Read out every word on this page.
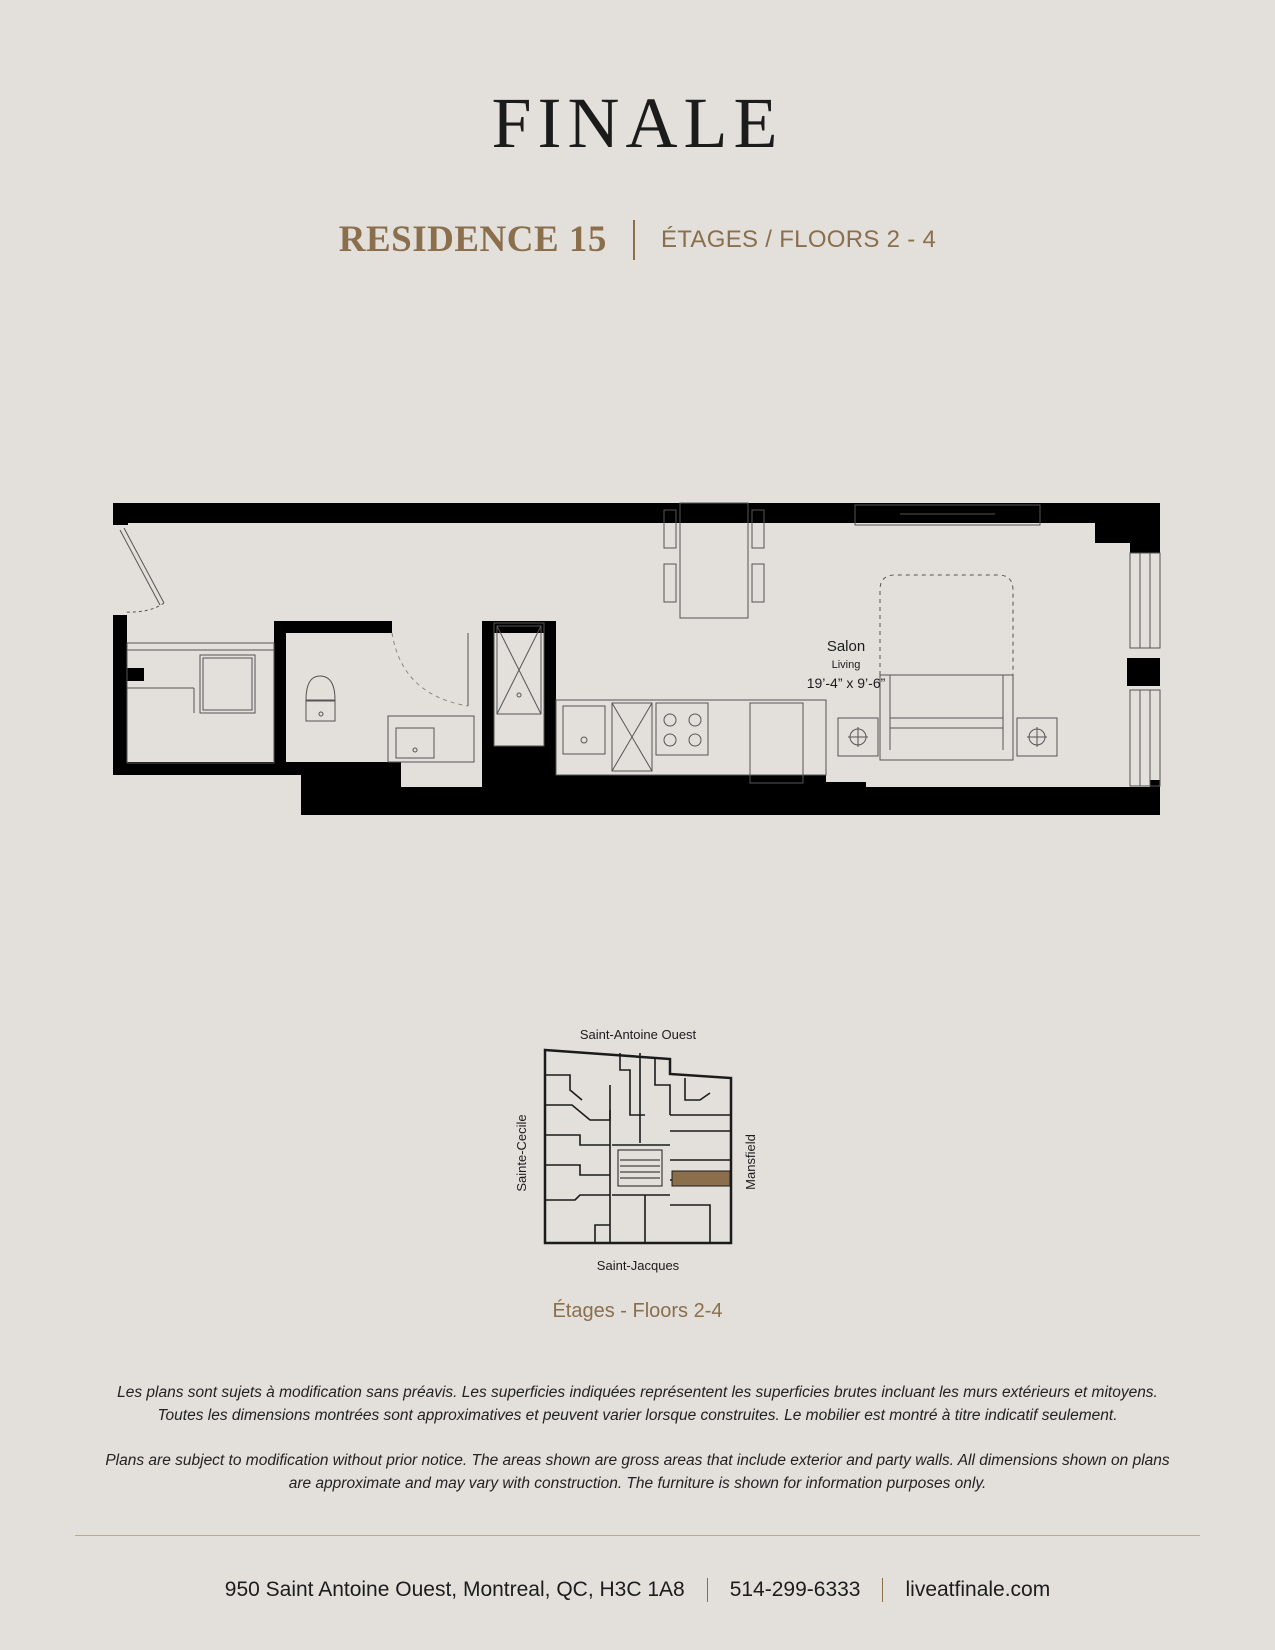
FINALE
RESIDENCE 15 ÉTAGES / FLOORS 2 - 4
Salon
Living
19’-4” x 9’-6”
Saint-Antoine Ouest
Saint-Jacques
Sainte-Cecile	Mansfield
Étages - Floors 2-4
Les plans sont sujets à modification sans préavis. Les superficies indiquées représentent les superficies brutes incluant les murs extérieurs et mitoyens. Toutes les dimensions montrées sont approximatives et peuvent varier lorsque construites. Le mobilier est montré à titre indicatif seulement.
Plans are subject to modification without prior notice. The areas shown are gross areas that include exterior and party walls. All dimensions shown on plans are approximate and may vary with construction. The furniture is shown for information purposes only.
950 Saint Antoine Ouest, Montreal, QC, H3C 1A8 514-299-6333 liveatfinale.com
